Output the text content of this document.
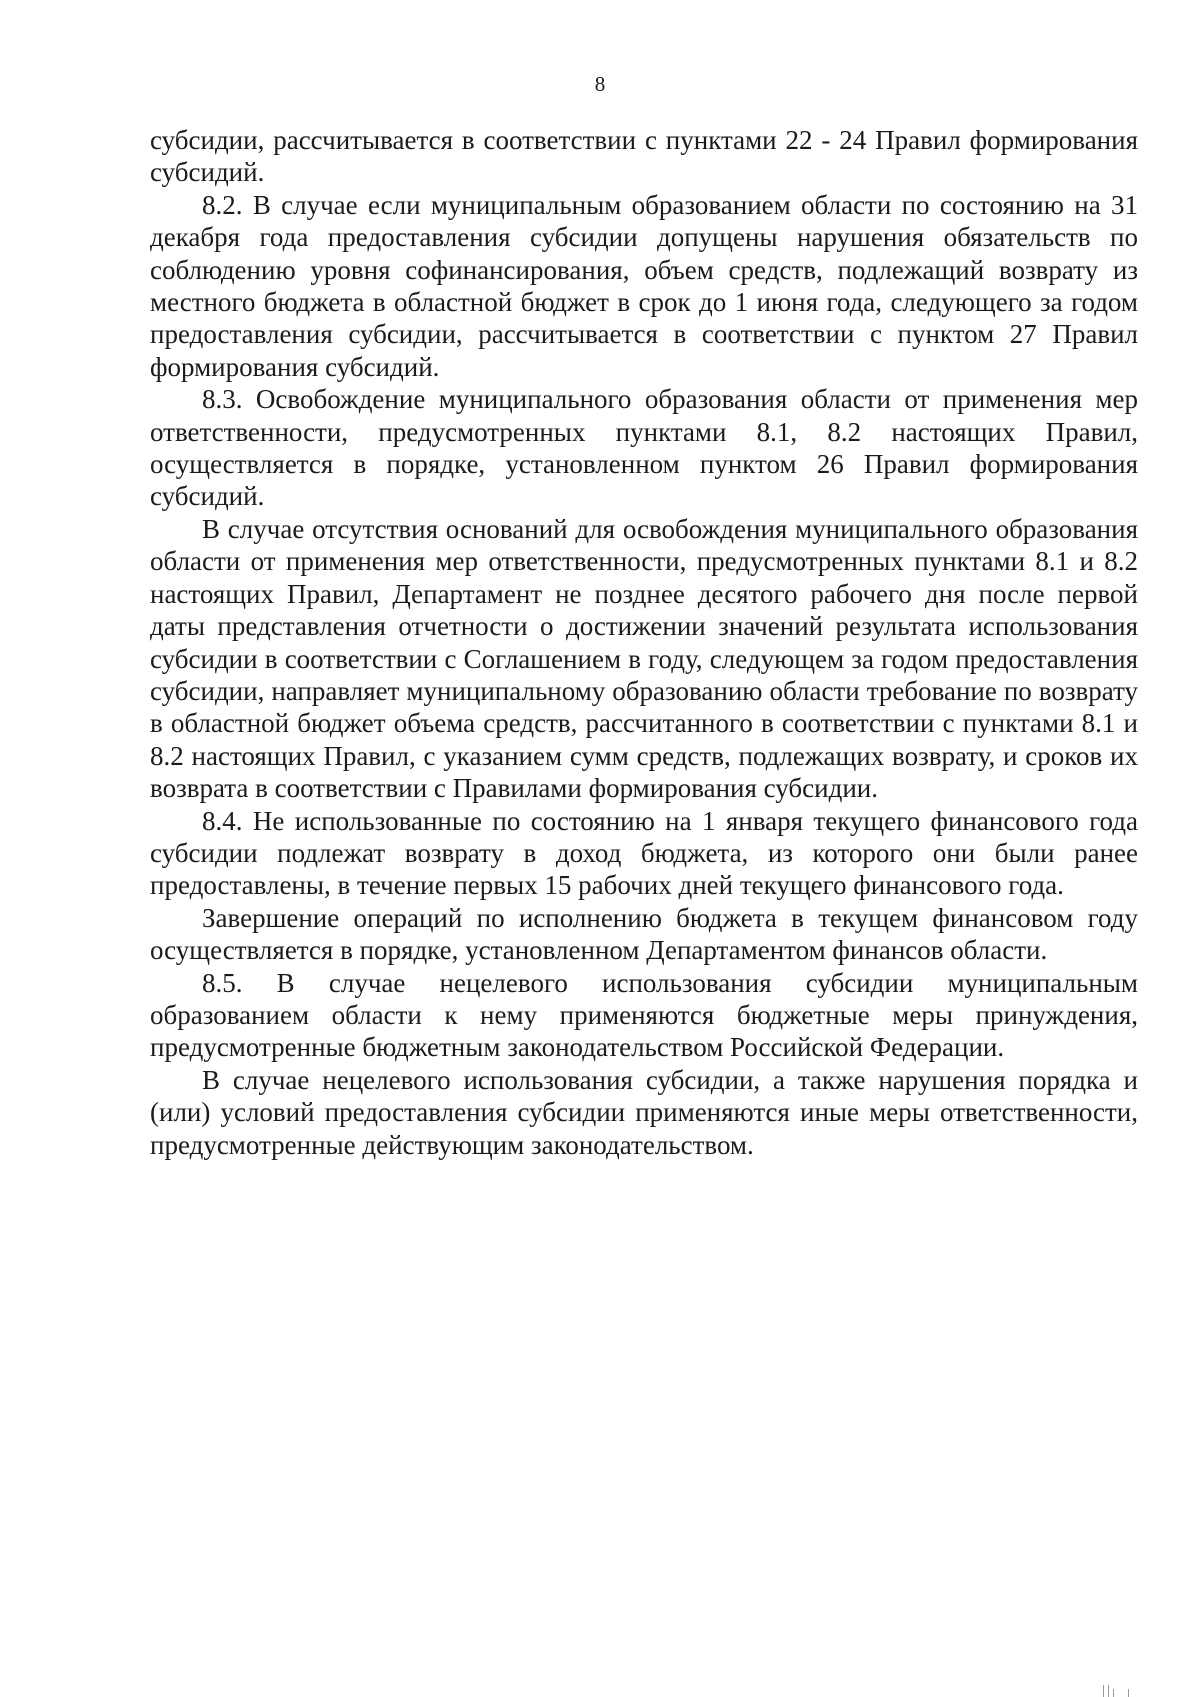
8

субсидии, рассчитывается в соответствии с пунктами 22 - 24 Правил формирования субсидий.

8.2. В случае если муниципальным образованием области по состоянию на 31 декабря года предоставления субсидии допущены нарушения обязательств по соблюдению уровня софинансирования, объем средств, подлежащий возврату из местного бюджета в областной бюджет в срок до 1 июня года, следующего за годом предоставления субсидии, рассчитывается в соответствии с пунктом 27 Правил формирования субсидий.

8.3. Освобождение муниципального образования области от применения мер ответственности, предусмотренных пунктами 8.1, 8.2 настоящих Правил, осуществляется в порядке, установленном пунктом 26 Правил формирования субсидий.

В случае отсутствия оснований для освобождения муниципального образования области от применения мер ответственности, предусмотренных пунктами 8.1 и 8.2 настоящих Правил, Департамент не позднее десятого рабочего дня после первой даты представления отчетности о достижении значений результата использования субсидии в соответствии с Соглашением в году, следующем за годом предоставления субсидии, направляет муниципальному образованию области требование по возврату в областной бюджет объема средств, рассчитанного в соответствии с пунктами 8.1 и 8.2 настоящих Правил, с указанием сумм средств, подлежащих возврату, и сроков их возврата в соответствии с Правилами формирования субсидии.

8.4. Не использованные по состоянию на 1 января текущего финансового года субсидии подлежат возврату в доход бюджета, из которого они были ранее предоставлены, в течение первых 15 рабочих дней текущего финансового года.

Завершение операций по исполнению бюджета в текущем финансовом году осуществляется в порядке, установленном Департаментом финансов области.

8.5. В случае нецелевого использования субсидии муниципальным образованием области к нему применяются бюджетные меры принуждения, предусмотренные бюджетным законодательством Российской Федерации.

В случае нецелевого использования субсидии, а также нарушения порядка и (или) условий предоставления субсидии применяются иные меры ответственности, предусмотренные действующим законодательством.
